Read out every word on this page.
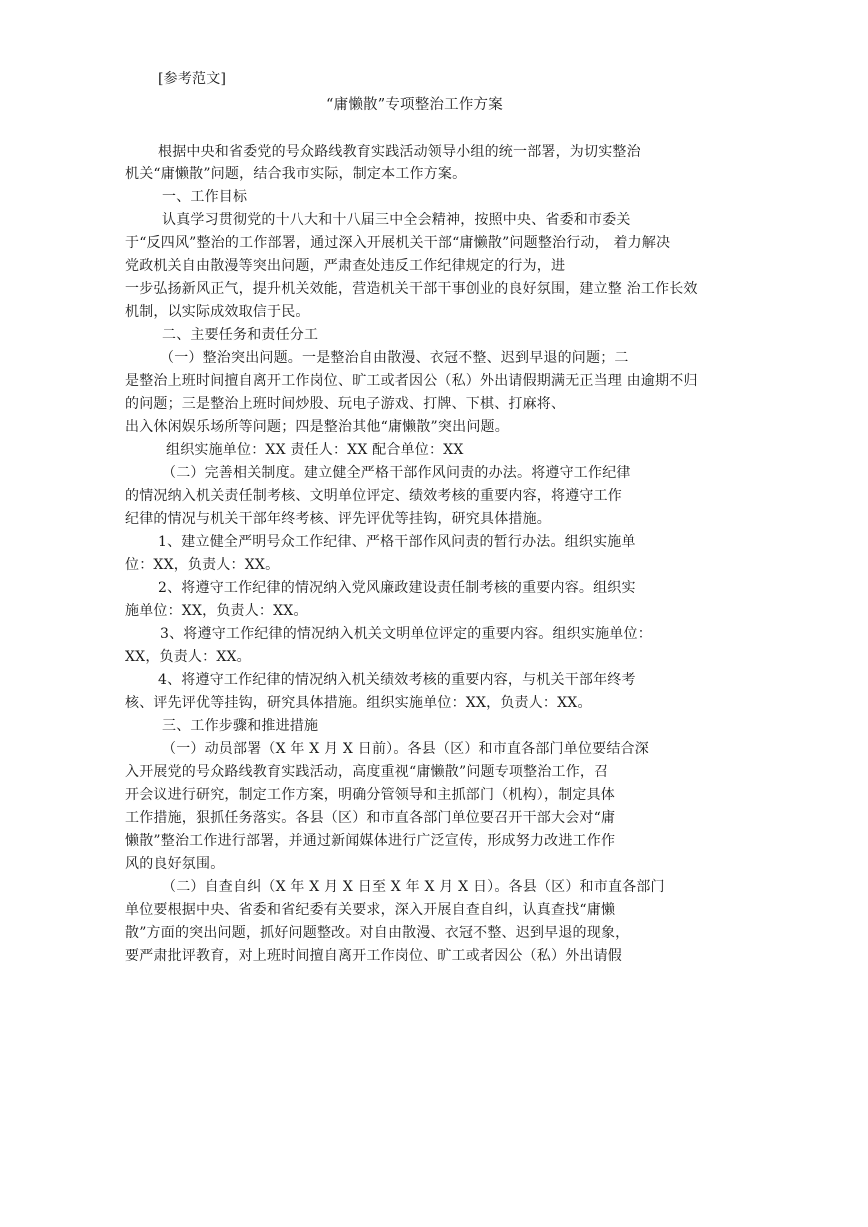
[参考范文]
“庸懒散”专项整治工作方案
根据中央和省委党的号众路线教育实践活动领导小组的统一部署，为切实整治
机关“庸懒散”问题，结合我市实际，制定本工作方案。
一、工作目标
认真学习贯彻党的十八大和十八届三中全会精神，按照中央、省委和市委关
于“反四风”整治的工作部署，通过深入开展机关干部“庸懒散”问题整治行动， 着力解决
党政机关自由散漫等突出问题，严肃查处违反工作纪律规定的行为，进
一步弘扬新风正气，提升机关效能，营造机关干部干事创业的良好氛围，建立整 治工作长效
机制，以实际成效取信于民。
二、主要任务和责任分工
（一）整治突出问题。一是整治自由散漫、衣冠不整、迟到早退的问题；二
是整治上班时间擅自离开工作岗位、旷工或者因公（私）外出请假期满无正当理 由逾期不归
的问题；三是整治上班时间炒股、玩电子游戏、打牌、下棋、打麻将、
出入休闲娱乐场所等问题；四是整治其他“庸懒散”突出问题。
组织实施单位：XX 责任人：XX 配合单位：XX
（二）完善相关制度。建立健全严格干部作风问责的办法。将遵守工作纪律
的情况纳入机关责任制考核、文明单位评定、绩效考核的重要内容，将遵守工作
纪律的情况与机关干部年终考核、评先评优等挂钩，研究具体措施。
1、建立健全严明号众工作纪律、严格干部作风问责的暂行办法。组织实施单
位：XX，负责人：XX。
2、将遵守工作纪律的情况纳入党风廉政建设责任制考核的重要内容。组织实
施单位：XX，负责人：XX。
3、将遵守工作纪律的情况纳入机关文明单位评定的重要内容。组织实施单位：
XX，负责人：XX。
4、将遵守工作纪律的情况纳入机关绩效考核的重要内容，与机关干部年终考
核、评先评优等挂钩，研究具体措施。组织实施单位：XX，负责人：XX。
三、工作步骤和推进措施
（一）动员部署（X 年 X 月 X 日前）。各县（区）和市直各部门单位要结合深
入开展党的号众路线教育实践活动，高度重视“庸懒散”问题专项整治工作，召
开会议进行研究，制定工作方案，明确分管领导和主抓部门（机构），制定具体
工作措施，狠抓任务落实。各县（区）和市直各部门单位要召开干部大会对“庸
懒散”整治工作进行部署，并通过新闻媒体进行广泛宣传，形成努力改进工作作
风的良好氛围。
（二）自查自纠（X 年 X 月 X 日至 X 年 X 月 X 日）。各县（区）和市直各部门
单位要根据中央、省委和省纪委有关要求，深入开展自查自纠，认真查找“庸懒
散”方面的突出问题，抓好问题整改。对自由散漫、衣冠不整、迟到早退的现象，
要严肃批评教育，对上班时间擅自离开工作岗位、旷工或者因公（私）外出请假
